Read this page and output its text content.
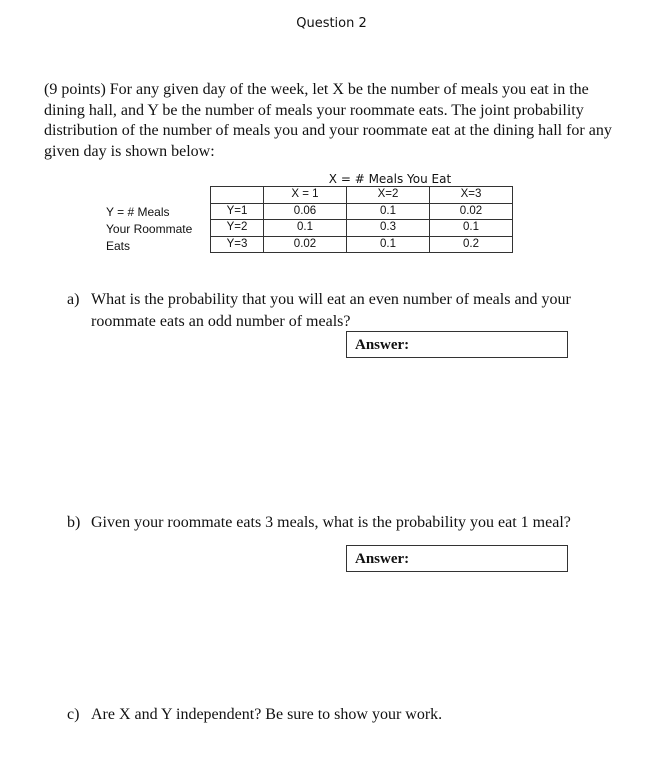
Question 2
(9 points) For any given day of the week, let X be the number of meals you eat in the dining hall, and Y be the number of meals your roommate eats. The joint probability distribution of the number of meals you and your roommate eat at the dining hall for any given day is shown below:
X = # Meals You Eat
Y = # Meals
Your Roommate
Eats
	X = 1	X=2	X=3
Y=1	0.06	0.1	0.02
Y=2	0.1	0.3	0.1
Y=3	0.02	0.1	0.2
a) What is the probability that you will eat an even number of meals and your roommate eats an odd number of meals?
Answer:
b) Given your roommate eats 3 meals, what is the probability you eat 1 meal?
Answer:
c) Are X and Y independent? Be sure to show your work.
